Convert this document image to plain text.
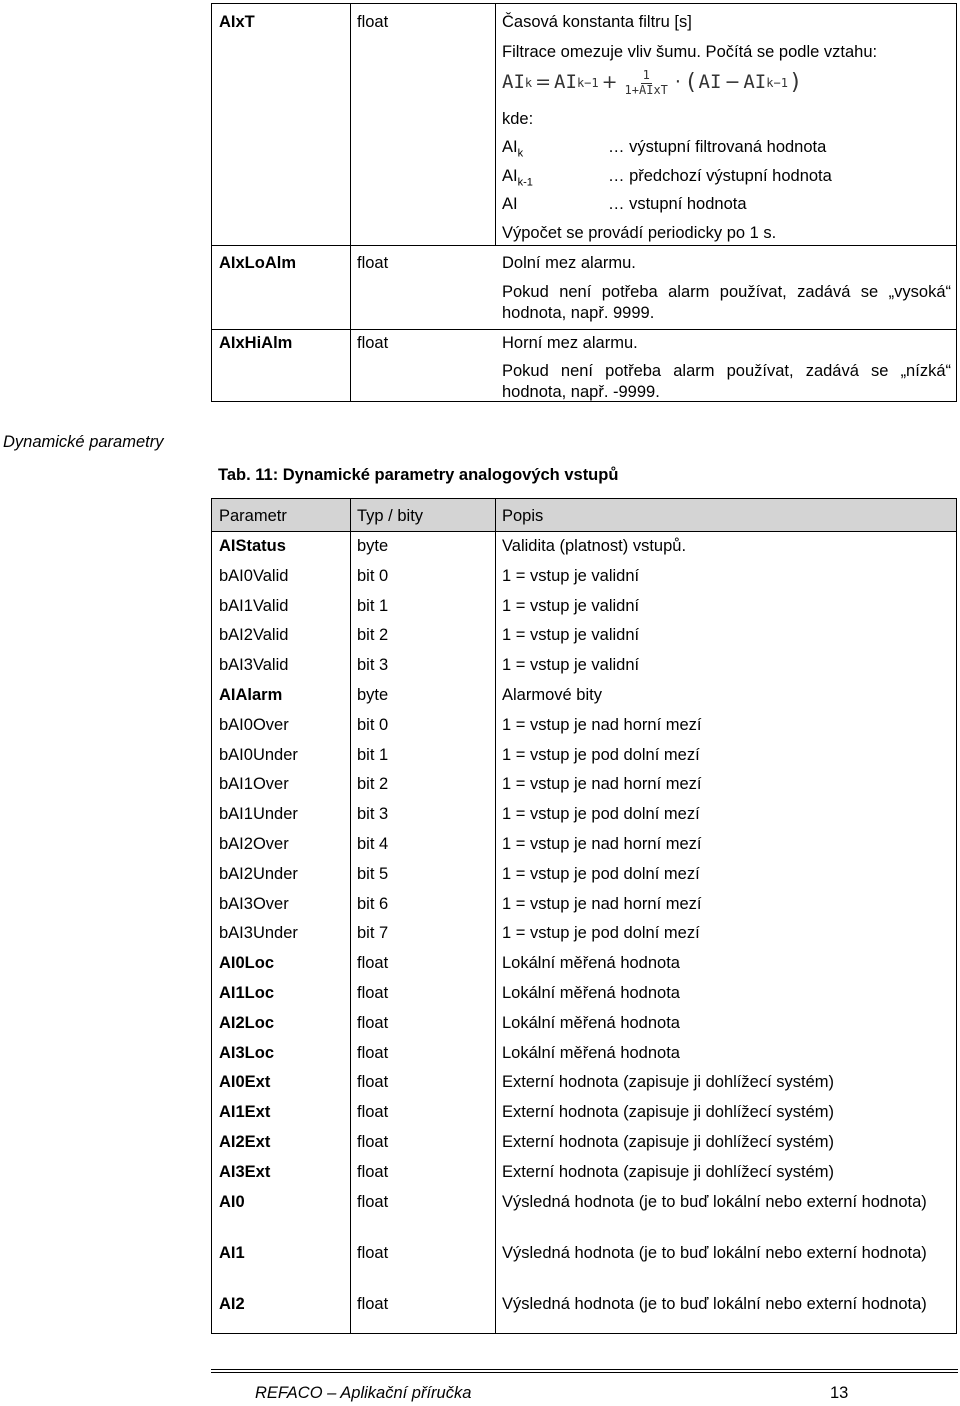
AIxT	float	Časová konstanta filtru [s]
Filtrace omezuje vliv šumu. Počítá se podle vztahu:
AI k = AI k−1 + 1
1+AIxT · ( AI − AI k−1 )
kde:
$AI_k$	… výstupní filtrovaná hodnota
$AI_{k-1}$	… předchozí výstupní hodnota
AI	… vstupní hodnota
Výpočet se provádí periodicky po 1 s.
AIxLoAlm	float	Dolní mez alarmu.
Pokud není potřeba alarm používat, zadává se „vysoká“ hodnota, např. 9999.
AIxHiAlm	float	Horní mez alarmu.
Pokud není potřeba alarm používat, zadává se „nízká“ hodnota, např. -9999.
Dynamické parametry
Tab. 11: Dynamické parametry analogových vstupů
Parametr	Typ / bity	Popis
AIStatus	byte	Validita (platnost) vstupů.
bAI0Valid	bit 0	1 = vstup je validní
bAI1Valid	bit 1	1 = vstup je validní
bAI2Valid	bit 2	1 = vstup je validní
bAI3Valid	bit 3	1 = vstup je validní
AIAlarm	byte	Alarmové bity
bAI0Over	bit 0	1 = vstup je nad horní mezí
bAI0Under	bit 1	1 = vstup je pod dolní mezí
bAI1Over	bit 2	1 = vstup je nad horní mezí
bAI1Under	bit 3	1 = vstup je pod dolní mezí
bAI2Over	bit 4	1 = vstup je nad horní mezí
bAI2Under	bit 5	1 = vstup je pod dolní mezí
bAI3Over	bit 6	1 = vstup je nad horní mezí
bAI3Under	bit 7	1 = vstup je pod dolní mezí
AI0Loc	float	Lokální měřená hodnota
AI1Loc	float	Lokální měřená hodnota
AI2Loc	float	Lokální měřená hodnota
AI3Loc	float	Lokální měřená hodnota
AI0Ext	float	Externí hodnota (zapisuje ji dohlížecí systém)
AI1Ext	float	Externí hodnota (zapisuje ji dohlížecí systém)
AI2Ext	float	Externí hodnota (zapisuje ji dohlížecí systém)
AI3Ext	float	Externí hodnota (zapisuje ji dohlížecí systém)
AI0	float	Výsledná hodnota (je to buď lokální nebo externí hodnota)
AI1	float	Výsledná hodnota (je to buď lokální nebo externí hodnota)
AI2	float	Výsledná hodnota (je to buď lokální nebo externí hodnota)
REFACO – Aplikační příručka	13
